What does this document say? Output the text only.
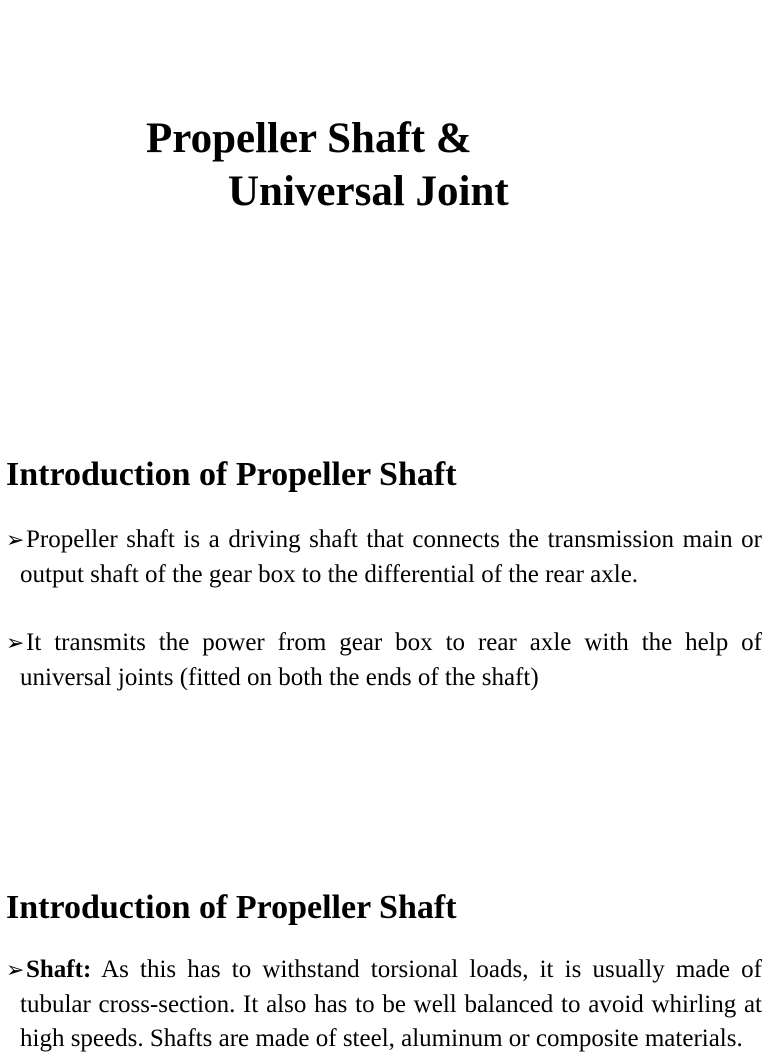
Propeller Shaft &
Universal Joint
Introduction of Propeller Shaft
➢Propeller shaft is a driving shaft that connects the transmission main or output shaft of the gear box to the differential of the rear axle.
➢It transmits the power from gear box to rear axle with the help of universal joints (fitted on both the ends of the shaft)
Introduction of Propeller Shaft
➢Shaft: As this has to withstand torsional loads, it is usually made of tubular cross-section. It also has to be well balanced to avoid whirling at high speeds. Shafts are made of steel, aluminum or composite materials.
